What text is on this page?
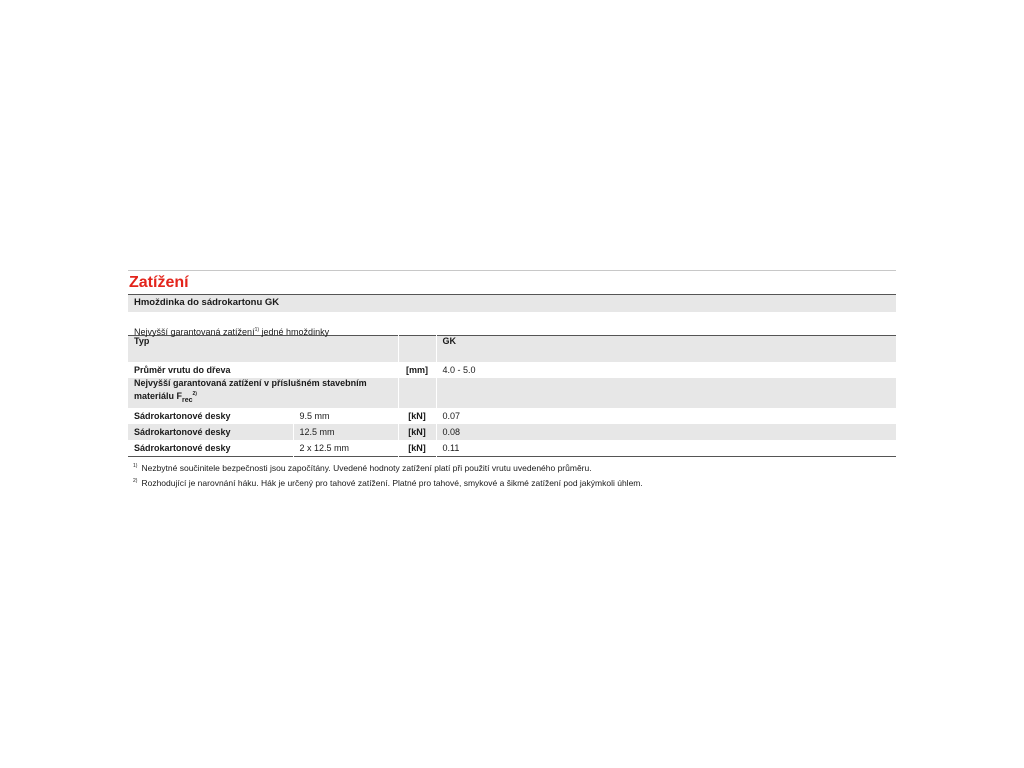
Zatížení
Hmoždinka do sádrokartonu GK
Nejvyšší garantovaná zatížení$^{1)}$ jedné hmoždinky
Typ			GK
Průměr vrutu do dřeva		[mm]	4.0 - 5.0
Nejvyšší garantovaná zatížení v příslušném stavebním
materiálu $F_{rec}^{2)}$		
Sádrokartonové desky	9.5 mm	[kN]	0.07
Sádrokartonové desky	12.5 mm	[kN]	0.08
Sádrokartonové desky	2 x 12.5 mm	[kN]	0.11
$^{1)}$ Nezbytné součinitele bezpečnosti jsou započítány. Uvedené hodnoty zatížení platí při použití vrutu uvedeného průměru.
$^{2)}$ Rozhodující je narovnání háku. Hák je určený pro tahové zatížení. Platné pro tahové, smykové a šikmé zatížení pod jakýmkoli úhlem.
